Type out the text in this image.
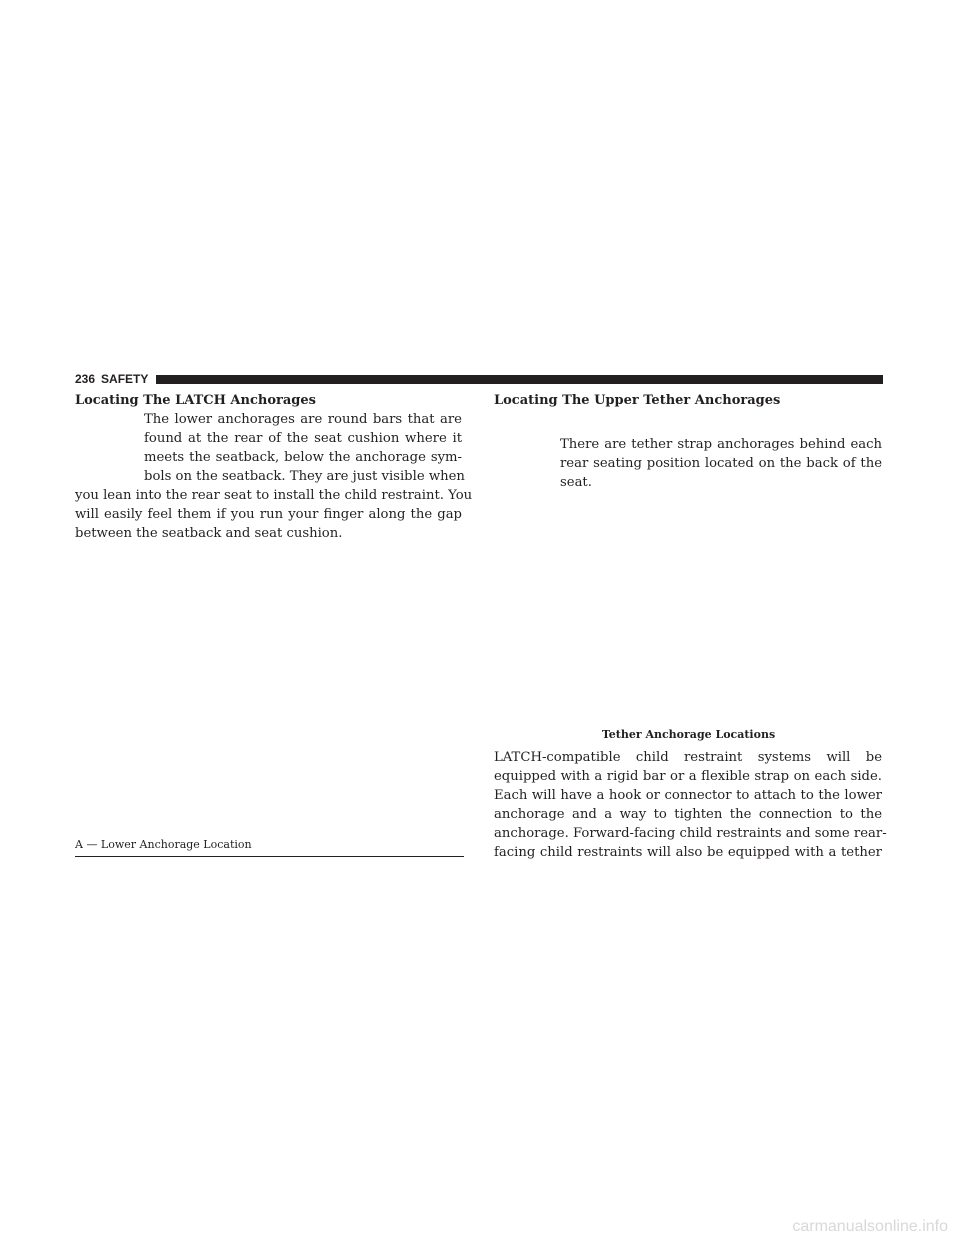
236 SAFETY
Locating The LATCH Anchorages
The lower anchorages are round bars that are
found at the rear of the seat cushion where it
meets the seatback, below the anchorage sym-
bols on the seatback. They are just visible when
you lean into the rear seat to install the child restraint. You
will easily feel them if you run your finger along the gap
between the seatback and seat cushion.
A — Lower Anchorage Location
Locating The Upper Tether Anchorages
There are tether strap anchorages behind each
rear seating position located on the back of the
seat.
Tether Anchorage Locations
LATCH-compatible child restraint systems will be
equipped with a rigid bar or a flexible strap on each side.
Each will have a hook or connector to attach to the lower
anchorage and a way to tighten the connection to the
anchorage. Forward-facing child restraints and some rear-
facing child restraints will also be equipped with a tether
carmanualsonline.info
